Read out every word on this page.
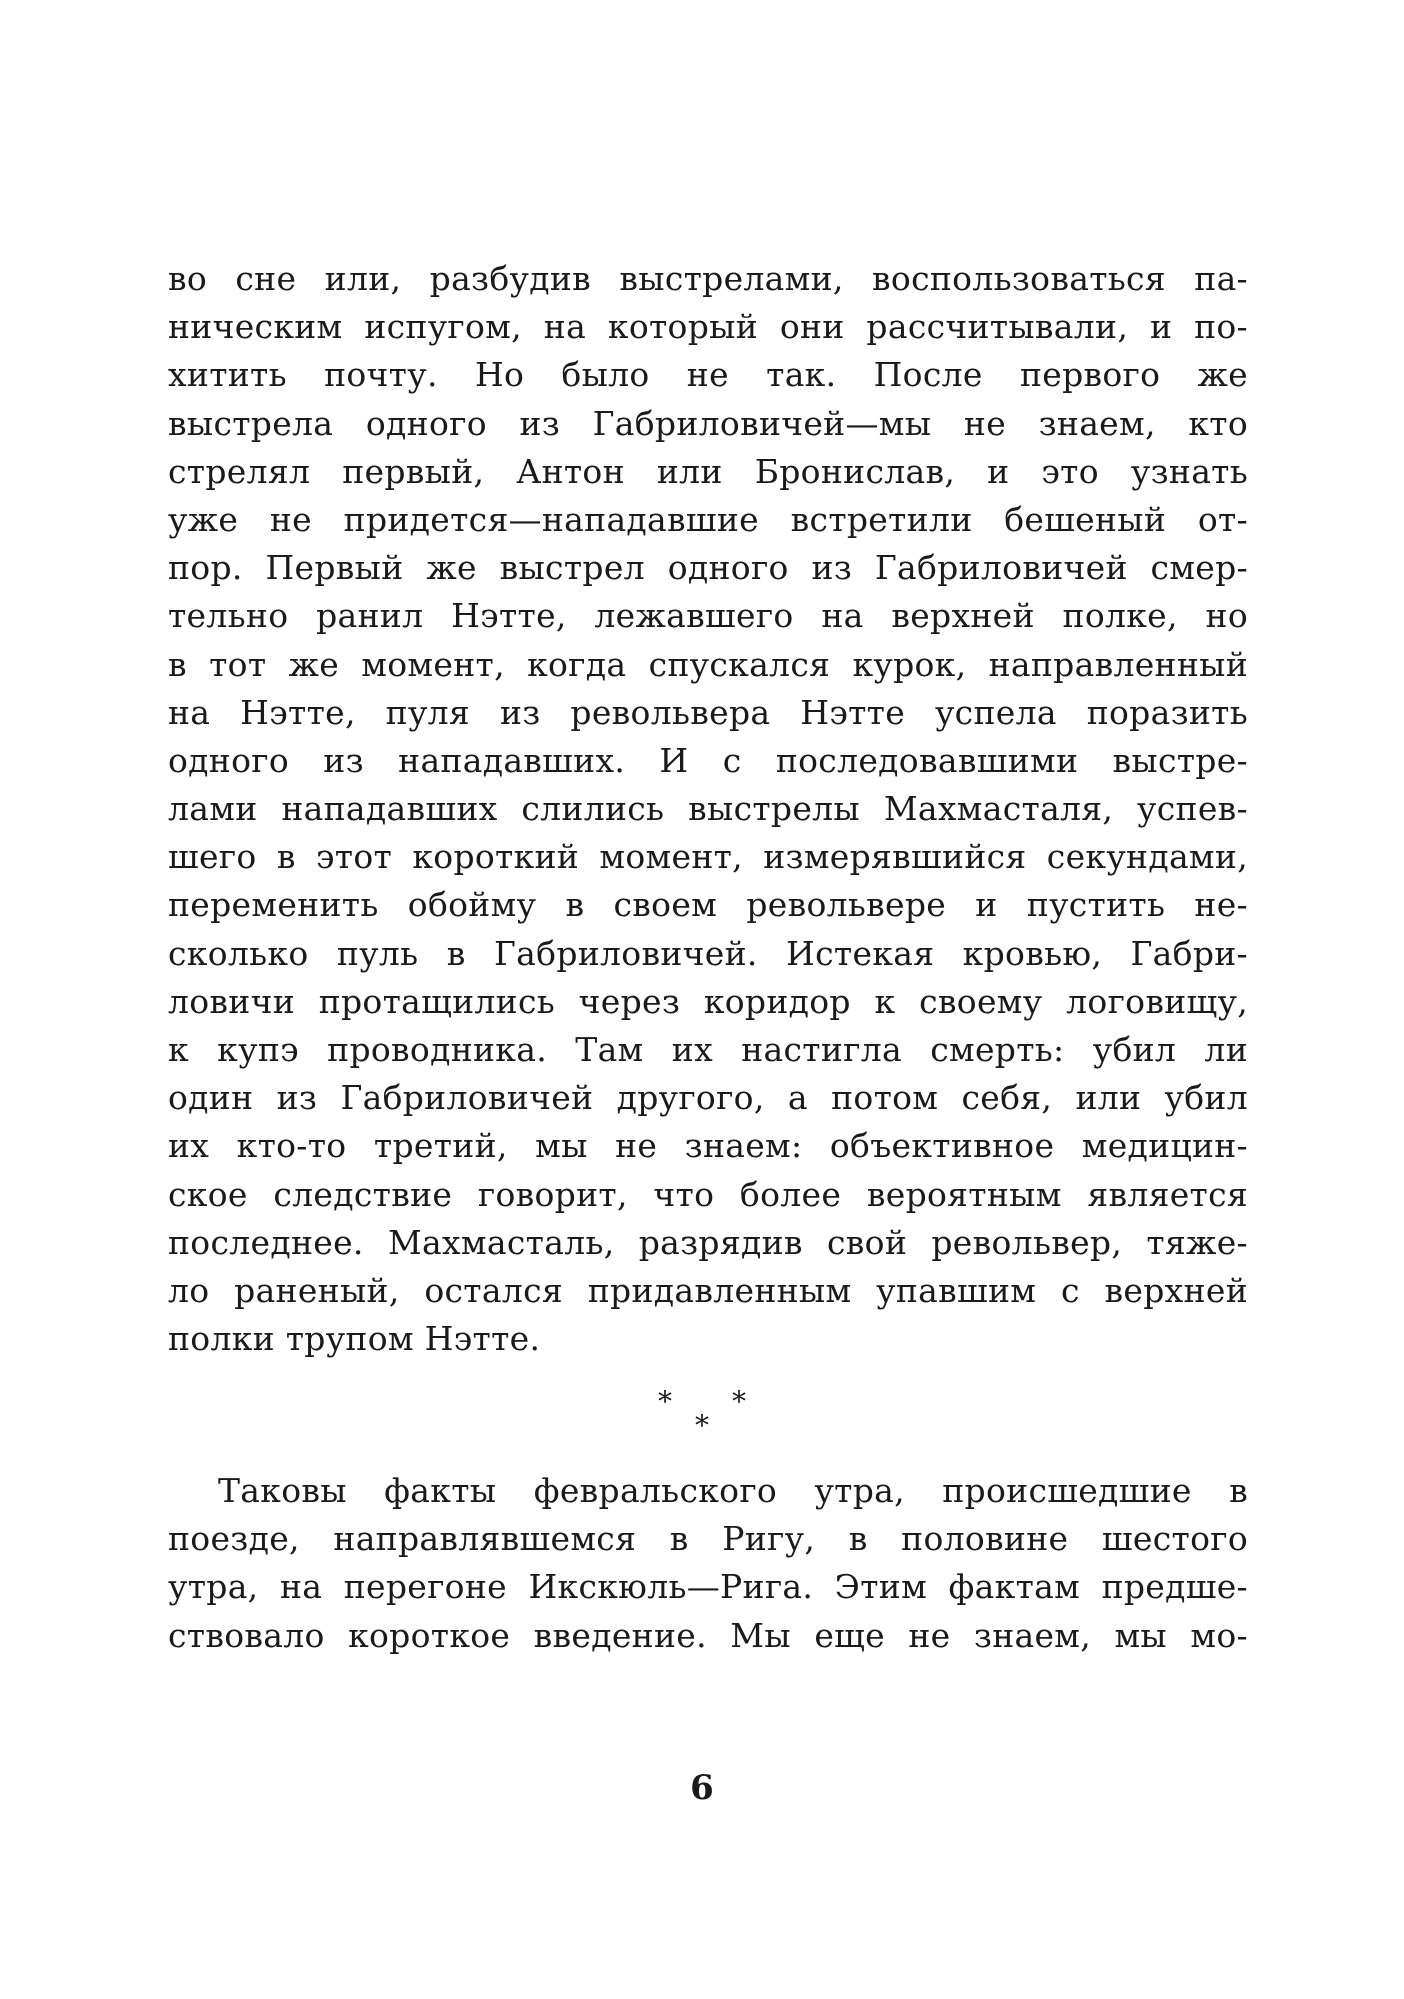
во сне или, разбудив выстрелами, воспользоваться па-
ническим испугом, на который они рассчитывали, и по-
хитить почту. Но было не так. После первого же
выстрела одного из Габриловичей—мы не знаем, кто
стрелял первый, Антон или Бронислав, и это узнать
уже не придется—нападавшие встретили бешеный от-
пор. Первый же выстрел одного из Габриловичей смер-
тельно ранил Нэтте, лежавшего на верхней полке, но
в тот же момент, когда спускался курок, направленный
на Нэтте, пуля из револьвера Нэтте успела поразить
одного из нападавших. И с последовавшими выстре-
лами нападавших слились выстрелы Махмасталя, успев-
шего в этот короткий момент, измерявшийся секундами,
переменить обойму в своем револьвере и пустить не-
сколько пуль в Габриловичей. Истекая кровью, Габри-
ловичи протащились через коридор к своему логовищу,
к купэ проводника. Там их настигла смерть: убил ли
один из Габриловичей другого, а потом себя, или убил
их кто-то третий, мы не знаем: объективное медицин-
ское следствие говорит, что более вероятным является
последнее. Махмасталь, разрядив свой револьвер, тяже-
ло раненый, остался придавленным упавшим с верхней
полки трупом Нэтте.
* *
*
Таковы факты февральского утра, происшедшие в
поезде, направлявшемся в Ригу, в половине шестого
утра, на перегоне Икскюль—Рига. Этим фактам предше-
ствовало короткое введение. Мы еще не знаем, мы мо-
6
